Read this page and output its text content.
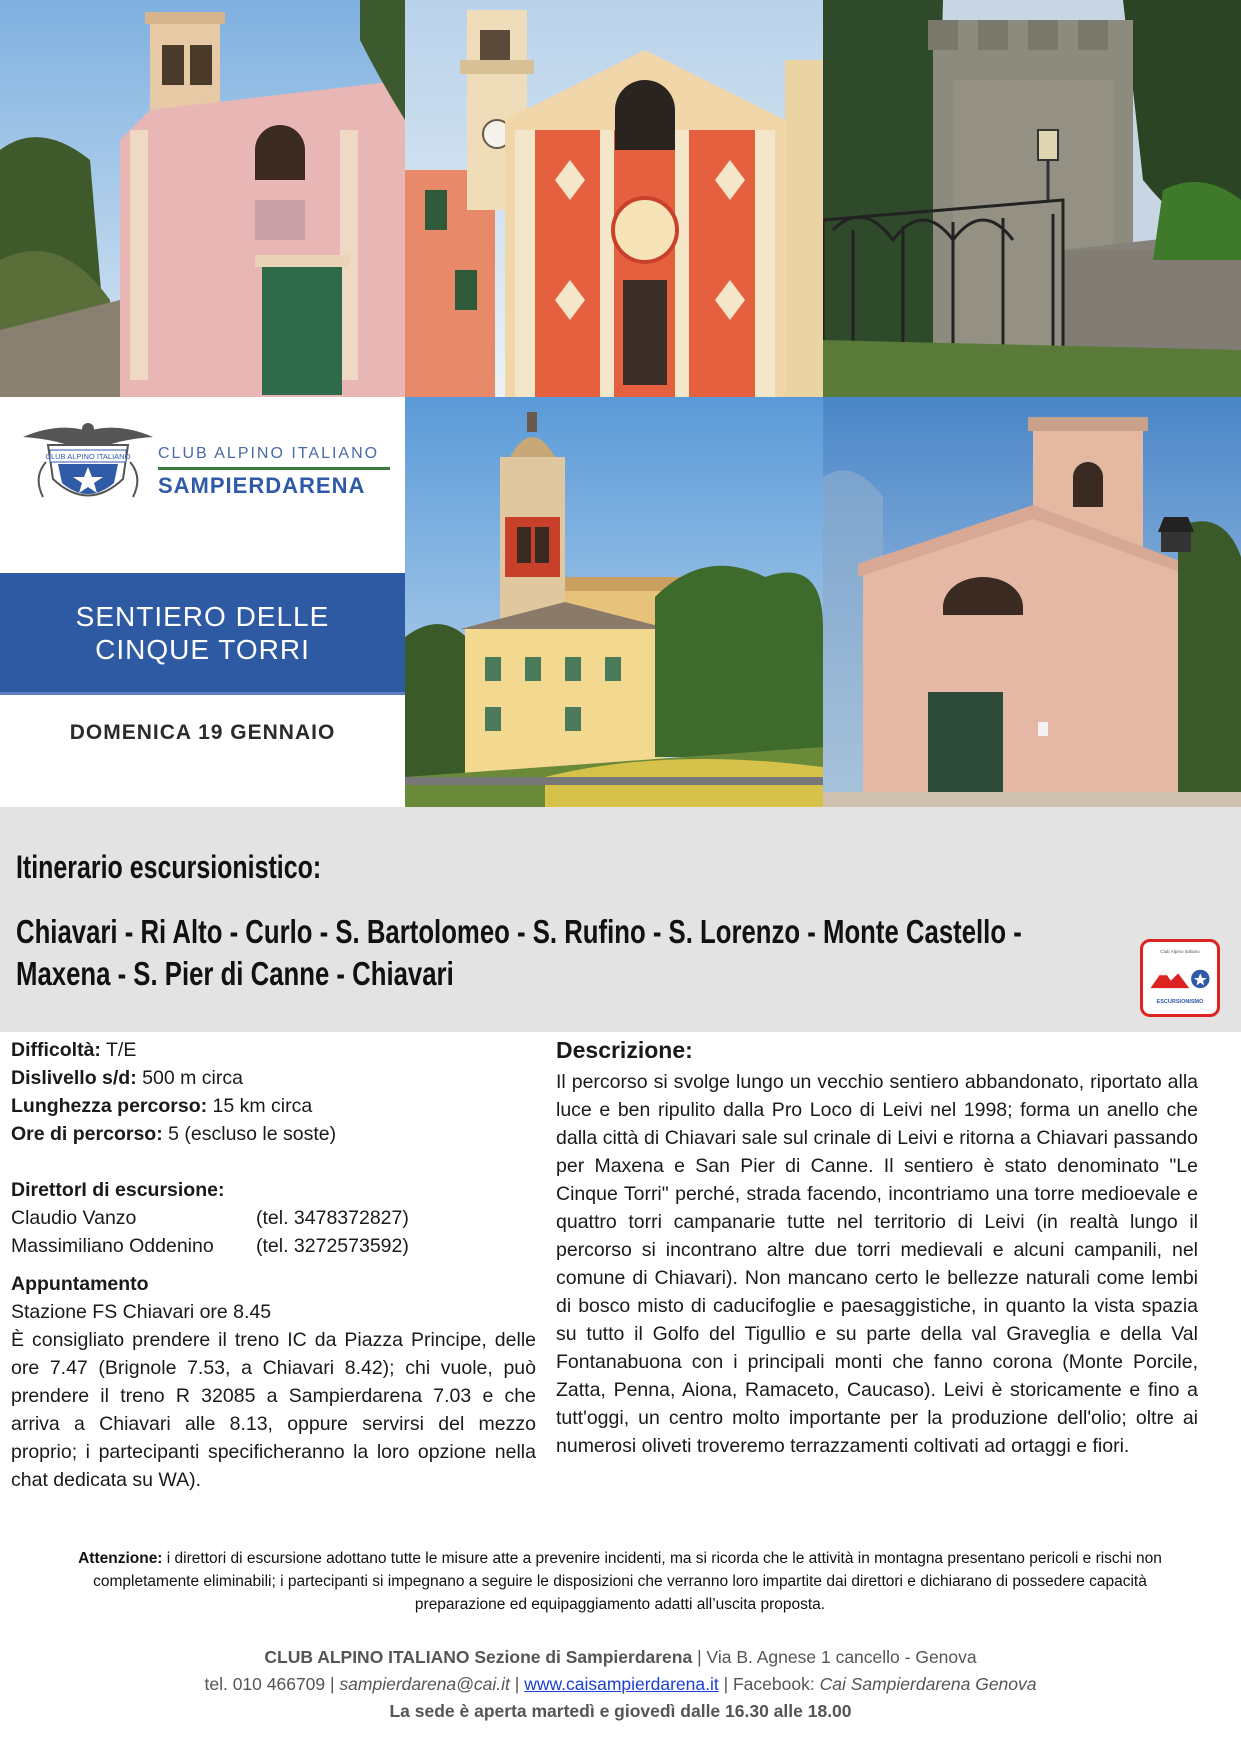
CLUB ALPINO ITALIANO CLUB ALPINO ITALIANO
SAMPIERDARENA
SENTIERO DELLE
CINQUE TORRI
DOMENICA 19 GENNAIO
Itinerario escursionistico:
Chiavari - Ri Alto - Curlo - S. Bartolomeo - S. Rufino - S. Lorenzo - Monte Castello -
Maxena - S. Pier di Canne - Chiavari
Club Alpino Italiano
ESCURSIONISMO
Difficoltà: T/E
Dislivello s/d: 500 m circa
Lunghezza percorso: 15 km circa
Ore di percorso: 5 (escluso le soste)
DirettorI di escursione:
Claudio Vanzo	(tel. 3478372827)
Massimiliano Oddenino	(tel. 3272573592)
Appuntamento
Stazione FS Chiavari ore 8.45
È consigliato prendere il treno IC da Piazza Principe, delle ore 7.47 (Brignole 7.53, a Chiavari 8.42); chi vuole, può prendere il treno R 32085 a Sampierdarena 7.03 e che arriva a Chiavari alle 8.13, oppure servirsi del mezzo proprio; i partecipanti specificheranno la loro opzione nella chat dedicata su WA).
Descrizione:

Il percorso si svolge lungo un vecchio sentiero abbandonato, riportato alla luce e ben ripulito dalla Pro Loco di Leivi nel 1998; forma un anello che dalla città di Chiavari sale sul crinale di Leivi e ritorna a Chiavari passando per Maxena e San Pier di Canne. Il sentiero è stato denominato "Le Cinque Torri" perché, strada facendo, incontriamo una torre medioevale e quattro torri campanarie tutte nel territorio di Leivi (in realtà lungo il percorso si incontrano altre due torri medievali e alcuni campanili, nel comune di Chiavari). Non mancano certo le bellezze naturali come lembi di bosco misto di caducifoglie e paesaggistiche, in quanto la vista spazia su tutto il Golfo del Tigullio e su parte della val Graveglia e della Val Fontanabuona con i principali monti che fanno corona (Monte Porcile, Zatta, Penna, Aiona, Ramaceto, Caucaso). Leivi è storicamente e fino a tutt'oggi, un centro molto importante per la produzione dell'olio; oltre ai numerosi oliveti troveremo terrazzamenti coltivati ad ortaggi e fiori.

Attenzione: i direttori di escursione adottano tutte le misure atte a prevenire incidenti, ma si ricorda che le attività in montagna presentano pericoli e rischi non completamente eliminabili; i partecipanti si impegnano a seguire le disposizioni che verranno loro impartite dai direttori e dichiarano di possedere capacità preparazione ed equipaggiamento adatti all’uscita proposta.
CLUB ALPINO ITALIANO Sezione di Sampierdarena | Via B. Agnese 1 cancello - Genova
tel. 010 466709 | sampierdarena@cai.it | www.caisampierdarena.it | Facebook: Cai Sampierdarena Genova
La sede è aperta martedì e giovedì dalle 16.30 alle 18.00
